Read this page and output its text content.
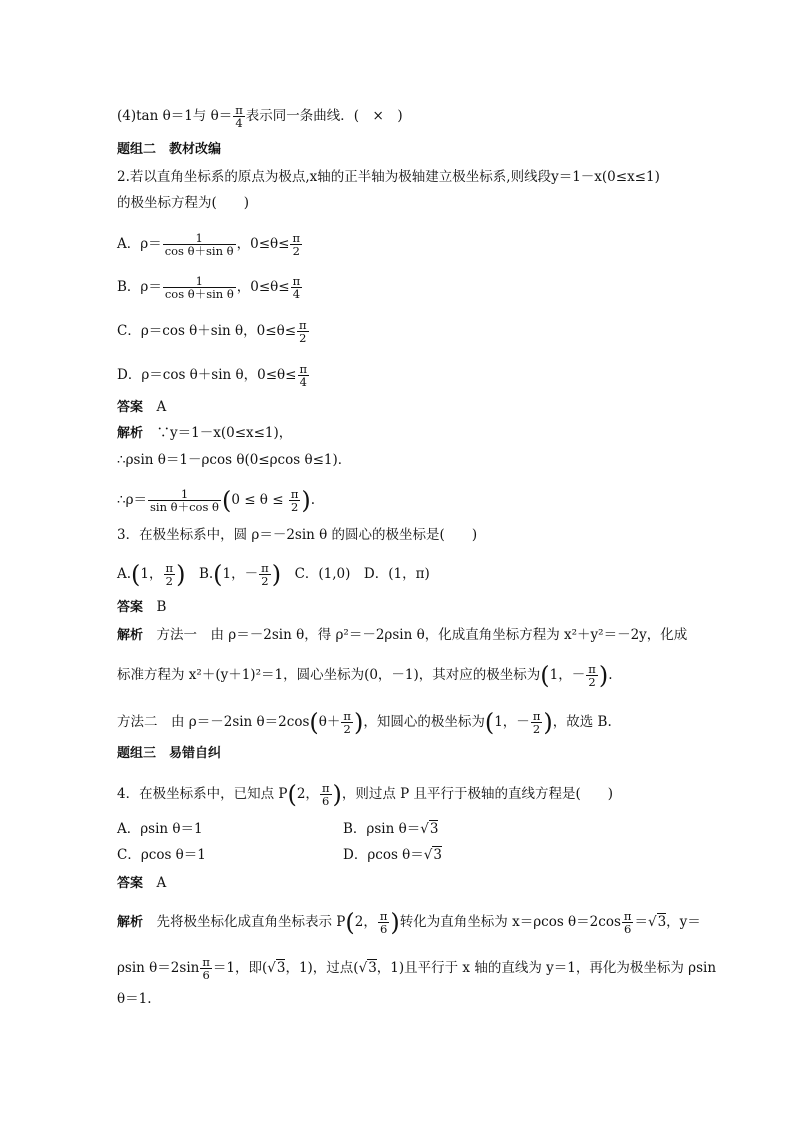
(4)tan θ＝1与 $\theta= \frac{\pi}{4}$ 表示同一条曲线．(　×　)
题组二　教材改编
2.若以直角坐标系的原点为极点,x轴的正半轴为极轴建立极坐标系,则线段y＝1－x(0≤x≤1)
的极坐标方程为(　　)
A．$\rho= \frac{1}{\text{cos θ＋sin θ}}$ ，$0\le\theta\le \frac{\pi}{2}$
B．$\rho= \frac{1}{\text{cos θ＋sin θ}}$ ，$0\le\theta\le \frac{\pi}{4}$
C．ρ＝cos θ＋sin θ，$0\le\theta\le \frac{\pi}{2}$
D．ρ＝cos θ＋sin θ，$0\le\theta\le \frac{\pi}{4}$
答案　 A
解析　 ∵y＝1－x(0≤x≤1)，
∴ρsin θ＝1－ρcos θ(0≤ρcos θ≤1)．
∴ρ＝ $\frac{1}{\text{sin θ＋cos θ}} (0 \le \theta \le \frac{\pi}{2}$ ).
3．在极坐标系中，圆 ρ＝－2sin θ 的圆心的极坐标是(　　)
A.(1， $\frac{\pi}{2}$ )　 B.(1，－ $\frac{\pi}{2}$ )　 C．(1,0)　 D．(1，π)
答案　 B
解析　 方法一　由 ρ＝－2sin θ，得 ρ²＝－2ρsin θ，化成直角坐标方程为 x²＋y²＝－2y，化成
标准方程为 x²＋(y＋1)²＝1，圆心坐标为(0，－1)，其对应的极坐标为(1，－ $\frac{\pi}{2}$ ).
方法二　由 ρ＝－2sin $\theta=2\cos(\theta+ \frac{\pi}{2}$ )，知圆心的极坐标为(1，－ $\frac{\pi}{2}$ )，故选 B.
题组三　易错自纠
4．在极坐标系中，已知点 P(2， $\frac{\pi}{6}$ )，则过点 P 且平行于极轴的直线方程是(　　)
A．ρsin θ＝1	B．ρsin θ＝√3
C．ρcos θ＝1	D．ρcos θ＝√3
答案　 A
解析　 先将极坐标化成直角坐标表示 P(2， $\frac{\pi}{6}$ )转化为直角坐标为 x＝ρcos $\theta=2\cos \frac{\pi}{6} =√3$，y＝
ρsin $\theta=2\sin \frac{\pi}{6} =1$，即(√3，1)，过点(√3，1)且平行于 x 轴的直线为 y＝1，再化为极坐标为 ρsin
θ＝1.
